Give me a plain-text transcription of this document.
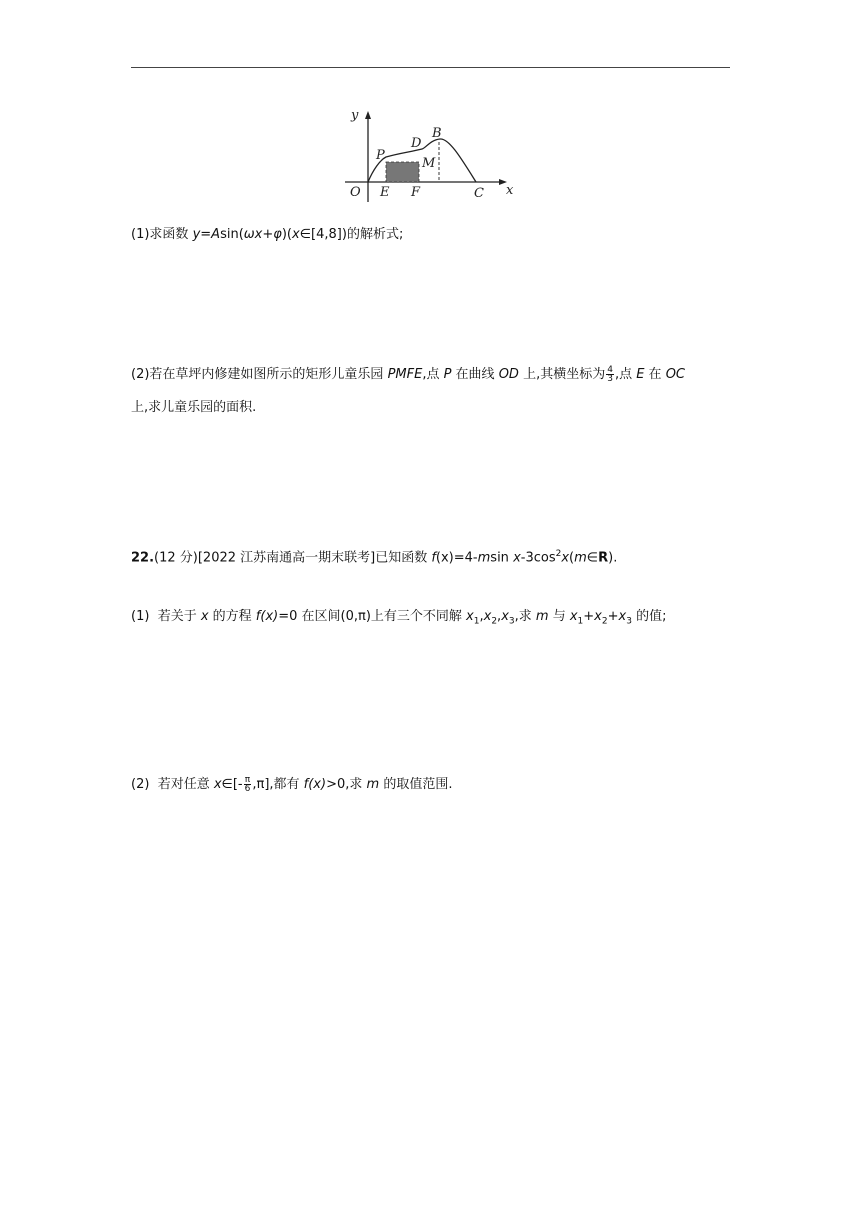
y
x
O
P
D
B
M
E F	C
(1)求函数 y=Asin(ωx+φ)(x∈[4,8])的解析式;
(2)若在草坪内修建如图所示的矩形儿童乐园 PMFE,点 P 在曲线 OD 上,其横坐标为 $\frac{4}{3}$ ,点 E 在 OC
上,求儿童乐园的面积.
22.(12 分)[2022 江苏南通高一期末联考]已知函数 f(x)=4-msin $x-3\cos^2x(m\in R)$.
(1) 若关于 x 的方程 f(x)=0 在区间(0,π)上有三个不同解 $x_1,x_2,x_3$,求 m 与 $x_1+x_2+x_3$ 的值;
(2) 若对任意 x∈[- $\frac{\pi}{6} ,\pi$],都有 f(x)>0,求 m 的取值范围.
